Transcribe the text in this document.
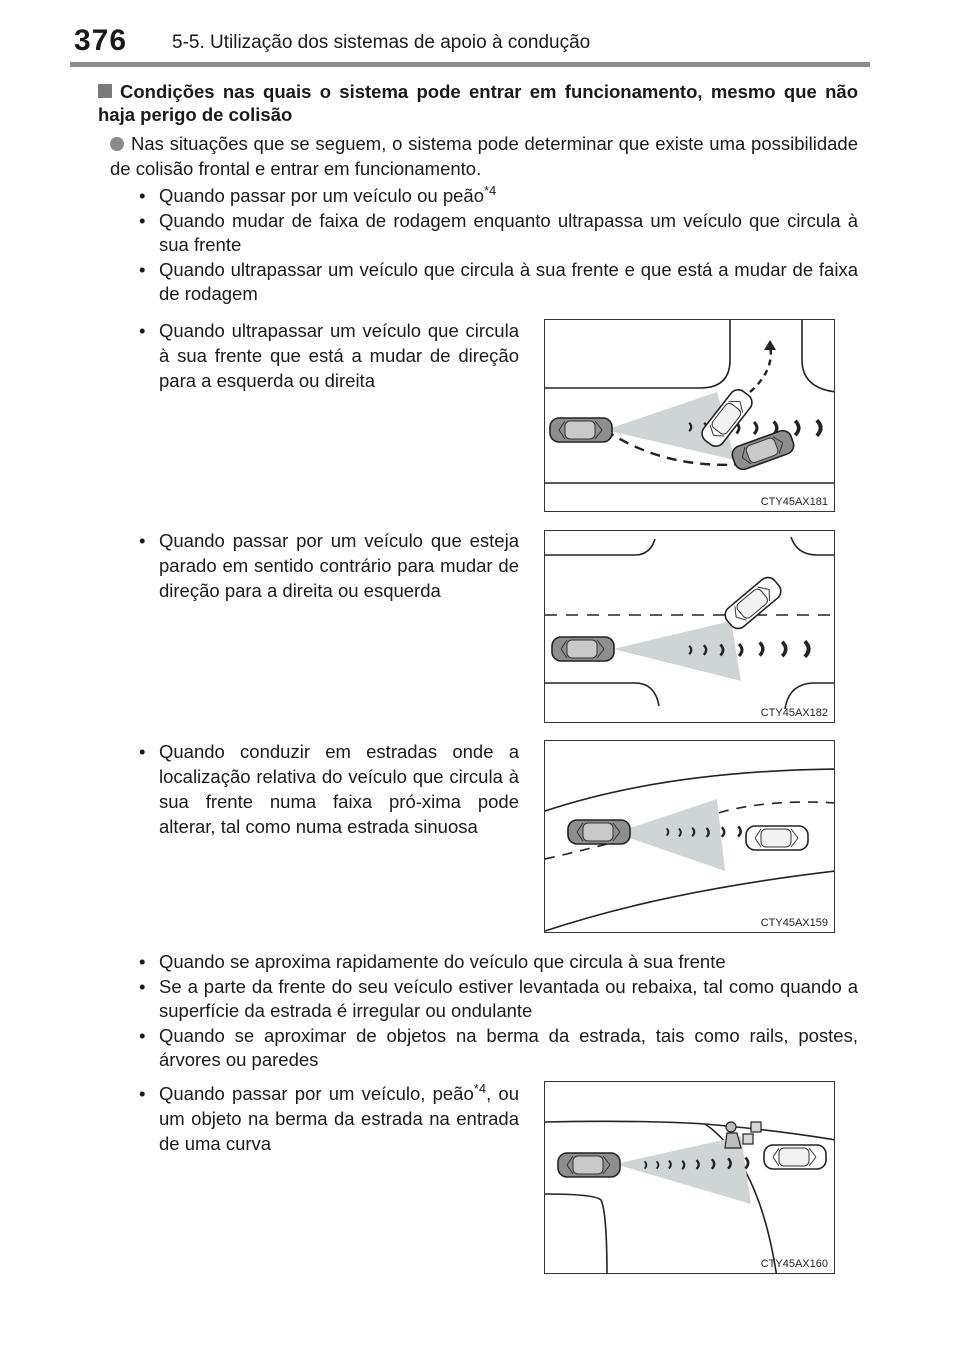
376 5-5. Utilização dos sistemas de apoio à condução
Condições nas quais o sistema pode entrar em funcionamento, mesmo que não haja perigo de colisão
Nas situações que se seguem, o sistema pode determinar que existe uma possibilidade de colisão frontal e entrar em funcionamento.
• Quando passar por um veículo ou peão$^{*4}$
• Quando mudar de faixa de rodagem enquanto ultrapassa um veículo que circula à sua frente
• Quando ultrapassar um veículo que circula à sua frente e que está a mudar de faixa de rodagem
• Quando ultrapassar um veículo que circula à sua frente que está a mudar de direção para a esquerda ou direita
• Quando passar por um veículo que esteja parado em sentido contrário para mudar de direção para a direita ou esquerda
• Quando conduzir em estradas onde a localização relativa do veículo que circula à sua frente numa faixa pró-xima pode alterar, tal como numa estrada sinuosa
• Quando se aproxima rapidamente do veículo que circula à sua frente
• Se a parte da frente do seu veículo estiver levantada ou rebaixa, tal como quando a superfície da estrada é irregular ou ondulante
• Quando se aproximar de objetos na berma da estrada, tais como rails, postes, árvores ou paredes
• Quando passar por um veículo, peão$^{*4}$, ou um objeto na berma da estrada na entrada de uma curva
CTY45AX181
CTY45AX182
CTY45AX159
CTY45AX160
